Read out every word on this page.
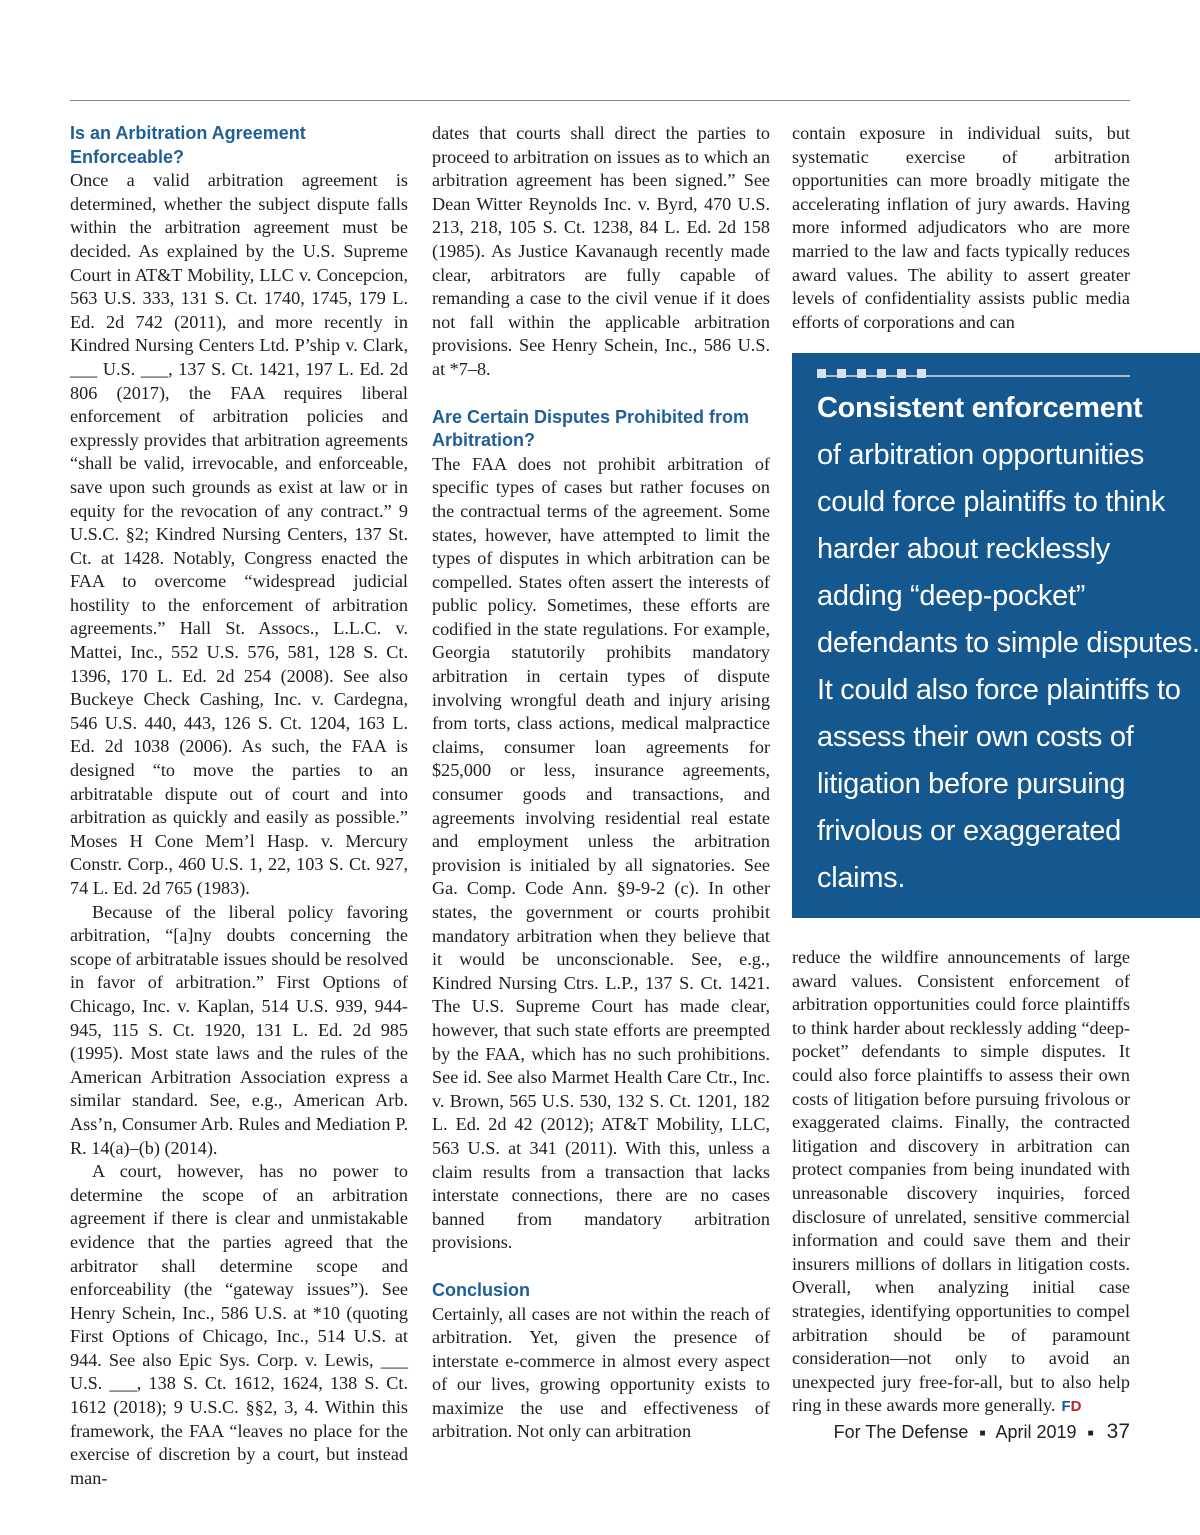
Is an Arbitration Agreement Enforceable?

Once a valid arbitration agreement is determined, whether the subject dispute falls within the arbitration agreement must be decided. As explained by the U.S. Supreme Court in AT&T Mobility, LLC v. Concepcion, 563 U.S. 333, 131 S. Ct. 1740, 1745, 179 L. Ed. 2d 742 (2011), and more recently in Kindred Nursing Centers Ltd. P’ship v. Clark, ___ U.S. ___, 137 S. Ct. 1421, 197 L. Ed. 2d 806 (2017), the FAA requires liberal enforcement of arbitration policies and expressly provides that arbitration agreements “shall be valid, irrevocable, and enforceable, save upon such grounds as exist at law or in equity for the revocation of any contract.” 9 U.S.C. §2; Kindred Nursing Centers, 137 St. Ct. at 1428. Notably, Congress enacted the FAA to overcome “widespread judicial hostility to the enforcement of arbitration agreements.” Hall St. Assocs., L.L.C. v. Mattei, Inc., 552 U.S. 576, 581, 128 S. Ct. 1396, 170 L. Ed. 2d 254 (2008). See also Buckeye Check Cashing, Inc. v. Cardegna, 546 U.S. 440, 443, 126 S. Ct. 1204, 163 L. Ed. 2d 1038 (2006). As such, the FAA is designed “to move the parties to an arbitratable dispute out of court and into arbitration as quickly and easily as possible.” Moses H Cone Mem’l Hasp. v. Mercury Constr. Corp., 460 U.S. 1, 22, 103 S. Ct. 927, 74 L. Ed. 2d 765 (1983).

Because of the liberal policy favoring arbitration, “[a]ny doubts concerning the scope of arbitratable issues should be resolved in favor of arbitration.” First Options of Chicago, Inc. v. Kaplan, 514 U.S. 939, 944-945, 115 S. Ct. 1920, 131 L. Ed. 2d 985 (1995). Most state laws and the rules of the American Arbitration Association express a similar standard. See, e.g., American Arb. Ass’n, Consumer Arb. Rules and Mediation P. R. 14(a)–(b) (2014).

A court, however, has no power to determine the scope of an arbitration agreement if there is clear and unmistakable evidence that the parties agreed that the arbitrator shall determine scope and enforceability (the “gateway issues”). See Henry Schein, Inc., 586 U.S. at *10 (quoting First Options of Chicago, Inc., 514 U.S. at 944. See also Epic Sys. Corp. v. Lewis, ___ U.S. ___, 138 S. Ct. 1612, 1624, 138 S. Ct. 1612 (2018); 9 U.S.C. §§2, 3, 4. Within this framework, the FAA “leaves no place for the exercise of discretion by a court, but instead man-

dates that courts shall direct the parties to proceed to arbitration on issues as to which an arbitration agreement has been signed.” See Dean Witter Reynolds Inc. v. Byrd, 470 U.S. 213, 218, 105 S. Ct. 1238, 84 L. Ed. 2d 158 (1985). As Justice Kavanaugh recently made clear, arbitrators are fully capable of remanding a case to the civil venue if it does not fall within the applicable arbitration provisions. See Henry Schein, Inc., 586 U.S. at *7–8.

Are Certain Disputes Prohibited from Arbitration?

The FAA does not prohibit arbitration of specific types of cases but rather focuses on the contractual terms of the agreement. Some states, however, have attempted to limit the types of disputes in which arbitration can be compelled. States often assert the interests of public policy. Sometimes, these efforts are codified in the state regulations. For example, Georgia statutorily prohibits mandatory arbitration in certain types of dispute involving wrongful death and injury arising from torts, class actions, medical malpractice claims, consumer loan agreements for $25,000 or less, insurance agreements, consumer goods and transactions, and agreements involving residential real estate and employment unless the arbitration provision is initialed by all signatories. See Ga. Comp. Code Ann. §9-9-2 (c). In other states, the government or courts prohibit mandatory arbitration when they believe that it would be unconscionable. See, e.g., Kindred Nursing Ctrs. L.P., 137 S. Ct. 1421. The U.S. Supreme Court has made clear, however, that such state efforts are preempted by the FAA, which has no such prohibitions. See id. See also Marmet Health Care Ctr., Inc. v. Brown, 565 U.S. 530, 132 S. Ct. 1201, 182 L. Ed. 2d 42 (2012); AT&T Mobility, LLC, 563 U.S. at 341 (2011). With this, unless a claim results from a transaction that lacks interstate connections, there are no cases banned from mandatory arbitration provisions.

Conclusion

Certainly, all cases are not within the reach of arbitration. Yet, given the presence of interstate e-commerce in almost every aspect of our lives, growing opportunity exists to maximize the use and effectiveness of arbitration. Not only can arbitration

contain exposure in individual suits, but systematic exercise of arbitration opportunities can more broadly mitigate the accelerating inflation of jury awards. Having more informed adjudicators who are more married to the law and facts typically reduces award values. The ability to assert greater levels of confidentiality assists public media efforts of corporations and can

Consistent enforcement
of arbitration opportunities could force plaintiffs to think harder about recklessly adding “deep-pocket” defendants to simple disputes. It could also force plaintiffs to assess their own costs of litigation before pursuing frivolous or exaggerated claims.

reduce the wildfire announcements of large award values. Consistent enforcement of arbitration opportunities could force plaintiffs to think harder about recklessly adding “deep-pocket” defendants to simple disputes. It could also force plaintiffs to assess their own costs of litigation before pursuing frivolous or exaggerated claims. Finally, the contracted litigation and discovery in arbitration can protect companies from being inundated with unreasonable discovery inquiries, forced disclosure of unrelated, sensitive commercial information and could save them and their insurers millions of dollars in litigation costs. Overall, when analyzing initial case strategies, identifying opportunities to compel arbitration should be of paramount consideration—not only to avoid an unexpected jury free-for-all, but to also help ring in these awards more generally. FD

For The Defense ■ April 2019 ■ 37
